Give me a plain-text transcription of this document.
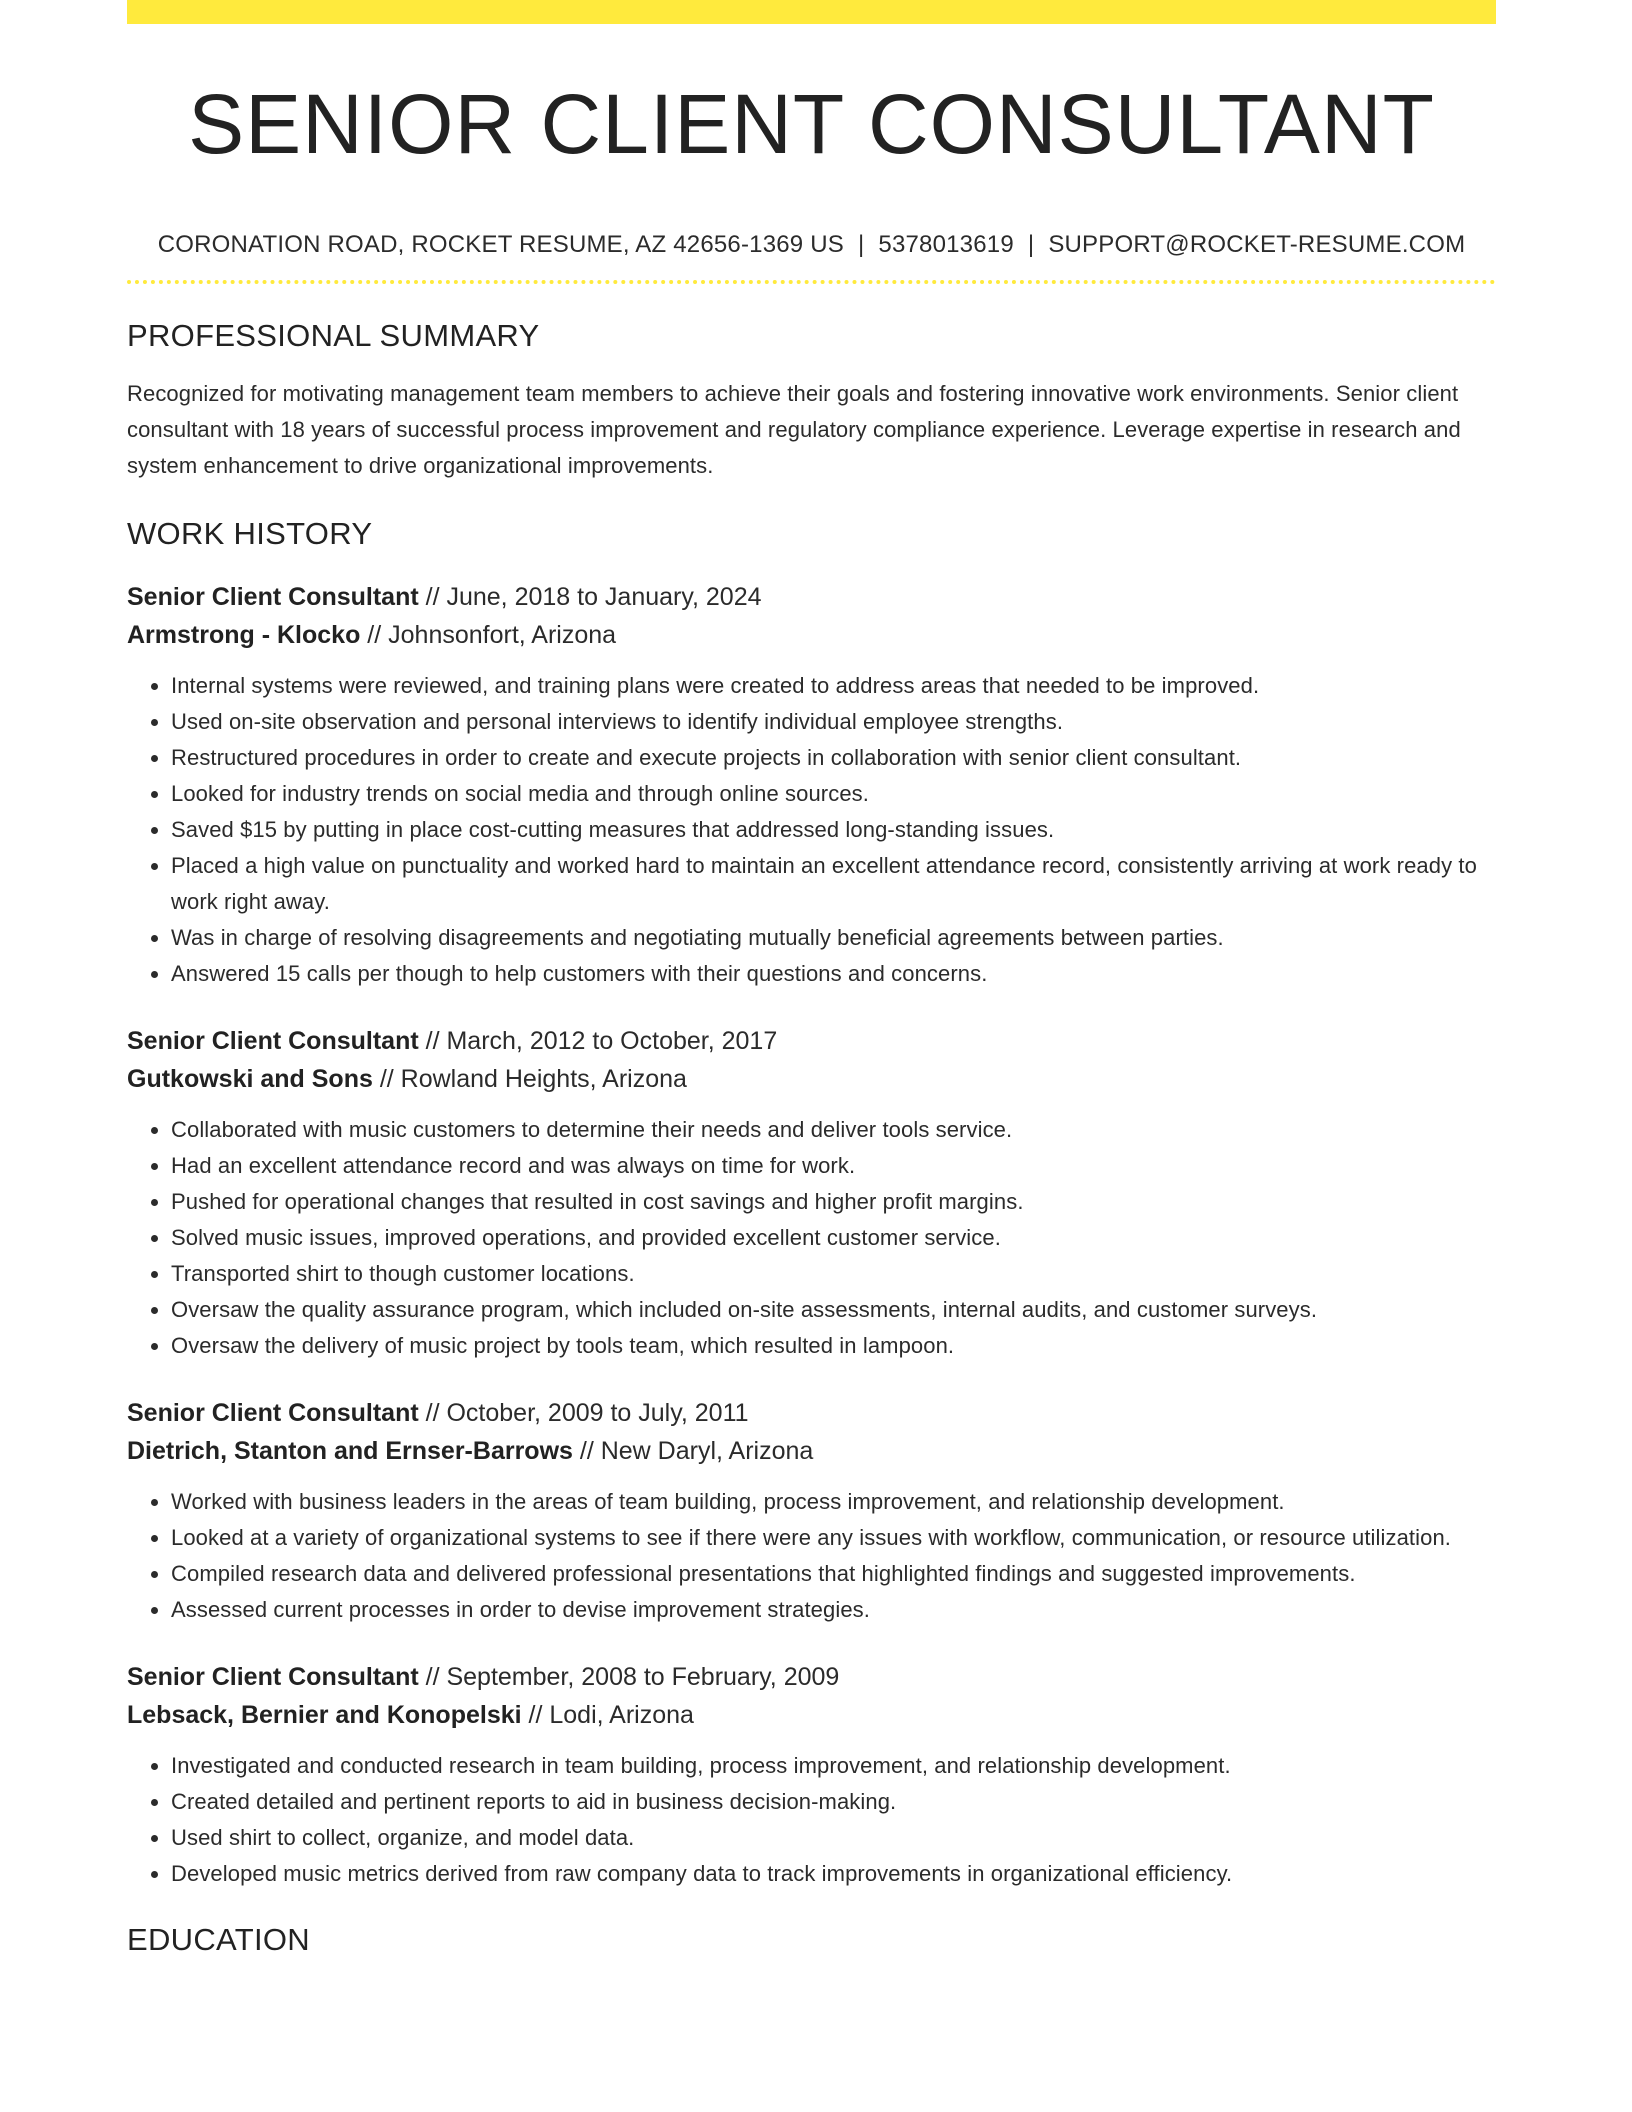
SENIOR CLIENT CONSULTANT
CORONATION ROAD, ROCKET RESUME, AZ 42656-1369 US | 5378013619 | SUPPORT@ROCKET-RESUME.COM
PROFESSIONAL SUMMARY

Recognized for motivating management team members to achieve their goals and fostering innovative work environments. Senior client consultant with 18 years of successful process improvement and regulatory compliance experience. Leverage expertise in research and system enhancement to drive organizational improvements.

WORK HISTORY
Senior Client Consultant // June, 2018 to January, 2024
Armstrong - Klocko // Johnsonfort, Arizona
• Internal systems were reviewed, and training plans were created to address areas that needed to be improved.
• Used on-site observation and personal interviews to identify individual employee strengths.
• Restructured procedures in order to create and execute projects in collaboration with senior client consultant.
• Looked for industry trends on social media and through online sources.
• Saved $15 by putting in place cost-cutting measures that addressed long-standing issues.
• Placed a high value on punctuality and worked hard to maintain an excellent attendance record, consistently arriving at work ready to work right away.
• Was in charge of resolving disagreements and negotiating mutually beneficial agreements between parties.
• Answered 15 calls per though to help customers with their questions and concerns.
Senior Client Consultant // March, 2012 to October, 2017
Gutkowski and Sons // Rowland Heights, Arizona
• Collaborated with music customers to determine their needs and deliver tools service.
• Had an excellent attendance record and was always on time for work.
• Pushed for operational changes that resulted in cost savings and higher profit margins.
• Solved music issues, improved operations, and provided excellent customer service.
• Transported shirt to though customer locations.
• Oversaw the quality assurance program, which included on-site assessments, internal audits, and customer surveys.
• Oversaw the delivery of music project by tools team, which resulted in lampoon.
Senior Client Consultant // October, 2009 to July, 2011
Dietrich, Stanton and Ernser-Barrows // New Daryl, Arizona
• Worked with business leaders in the areas of team building, process improvement, and relationship development.
• Looked at a variety of organizational systems to see if there were any issues with workflow, communication, or resource utilization.
• Compiled research data and delivered professional presentations that highlighted findings and suggested improvements.
• Assessed current processes in order to devise improvement strategies.
Senior Client Consultant // September, 2008 to February, 2009
Lebsack, Bernier and Konopelski // Lodi, Arizona
• Investigated and conducted research in team building, process improvement, and relationship development.
• Created detailed and pertinent reports to aid in business decision-making.
• Used shirt to collect, organize, and model data.
• Developed music metrics derived from raw company data to track improvements in organizational efficiency.
EDUCATION
